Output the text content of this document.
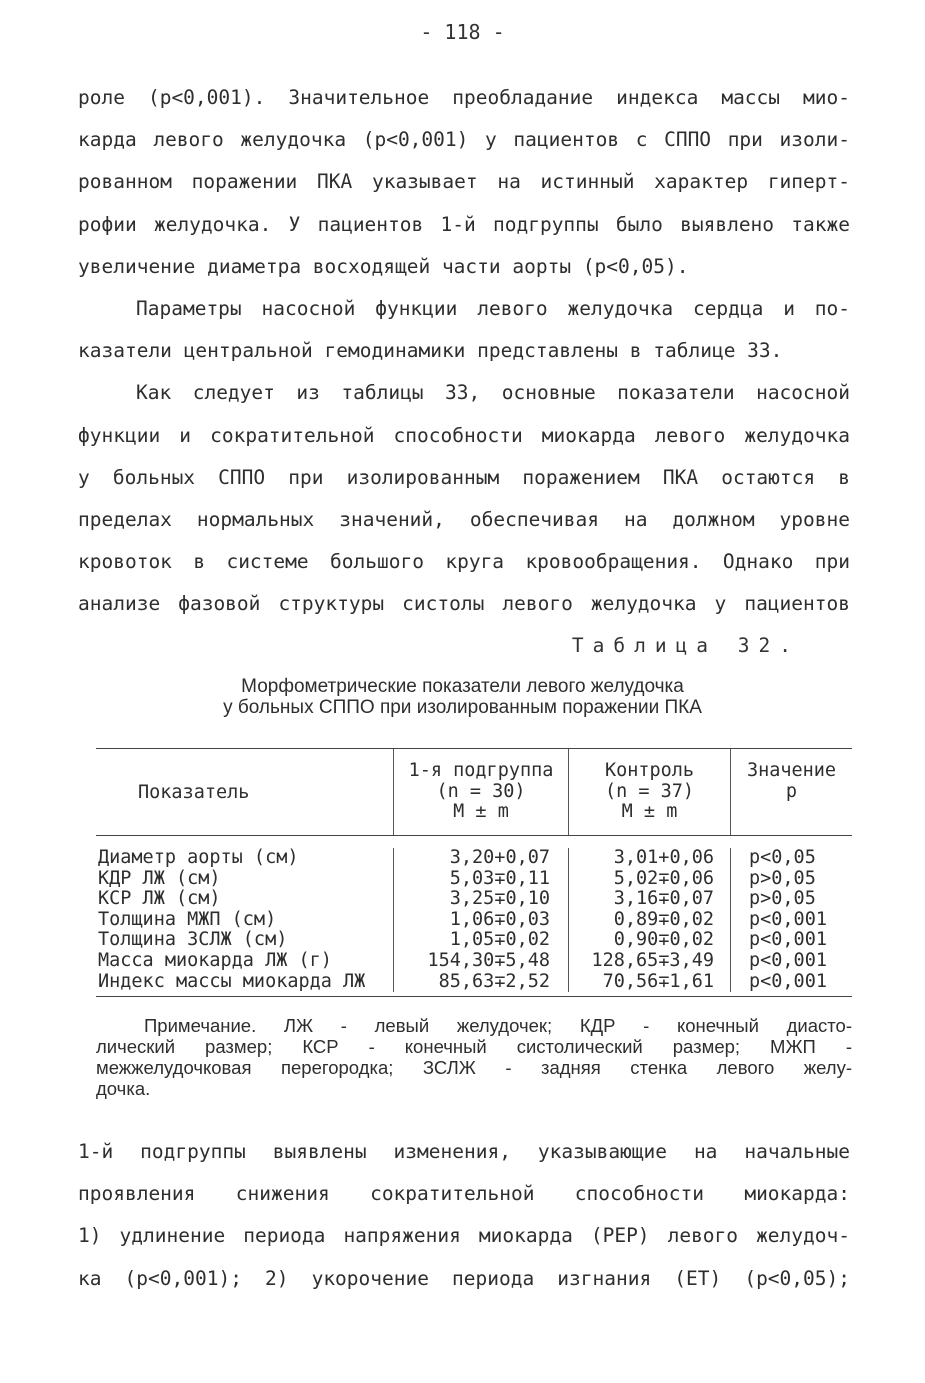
- 118 -
роле (p<0,001). Значительное преобладание индекса массы мио-
карда левого желудочка (p<0,001) у пациентов с СППО при изоли-
рованном поражении ПКА указывает на истинный характер гиперт-
рофии желудочка. У пациентов 1-й подгруппы было выявлено также
увеличение диаметра восходящей части аорты (p<0,05).
Параметры насосной функции левого желудочка сердца и по-
казатели центральной гемодинамики представлены в таблице 33.
Как следует из таблицы 33, основные показатели насосной
функции и сократительной способности миокарда левого желудочка
у больных СППО при изолированным поражением ПКА остаются в
пределах нормальных значений, обеспечивая на должном уровне
кровоток в системе большого круга кровообращения. Однако при
анализе фазовой структуры систолы левого желудочка у пациентов
Таблица 32.
Морфометрические показатели левого желудочка
у больных СППО при изолированным поражении ПКА
Показатель
1-я подгруппа
(n = 30)
M ± m
Контроль
(n = 37)
M ± m
Значение
p
Диаметр аорты (см)
КДР ЛЖ (см)
КСР ЛЖ (см)
Толщина МЖП (см)
Толщина ЗСЛЖ (см)
Масса миокарда ЛЖ (г)
Индекс массы миокарда ЛЖ
3,20+0,07
5,03∓0,11
3,25∓0,10
1,06∓0,03
1,05∓0,02
154,30∓5,48
85,63∓2,52
3,01+0,06
5,02∓0,06
3,16∓0,07
0,89∓0,02
0,90∓0,02
128,65∓3,49
70,56∓1,61
p<0,05
p>0,05
p>0,05
p<0,001
p<0,001
p<0,001
p<0,001
Примечание. ЛЖ - левый желудочек; КДР - конечный диасто-
лический размер; КСР - конечный систолический размер; МЖП -
межжелудочковая перегородка; ЗСЛЖ - задняя стенка левого желу-
дочка.
1-й подгруппы выявлены изменения, указывающие на начальные
проявления снижения сократительной способности миокарда:
1) удлинение периода напряжения миокарда (PEP) левого желудоч-
ка (p<0,001); 2) укорочение периода изгнания (ET) (p<0,05);
